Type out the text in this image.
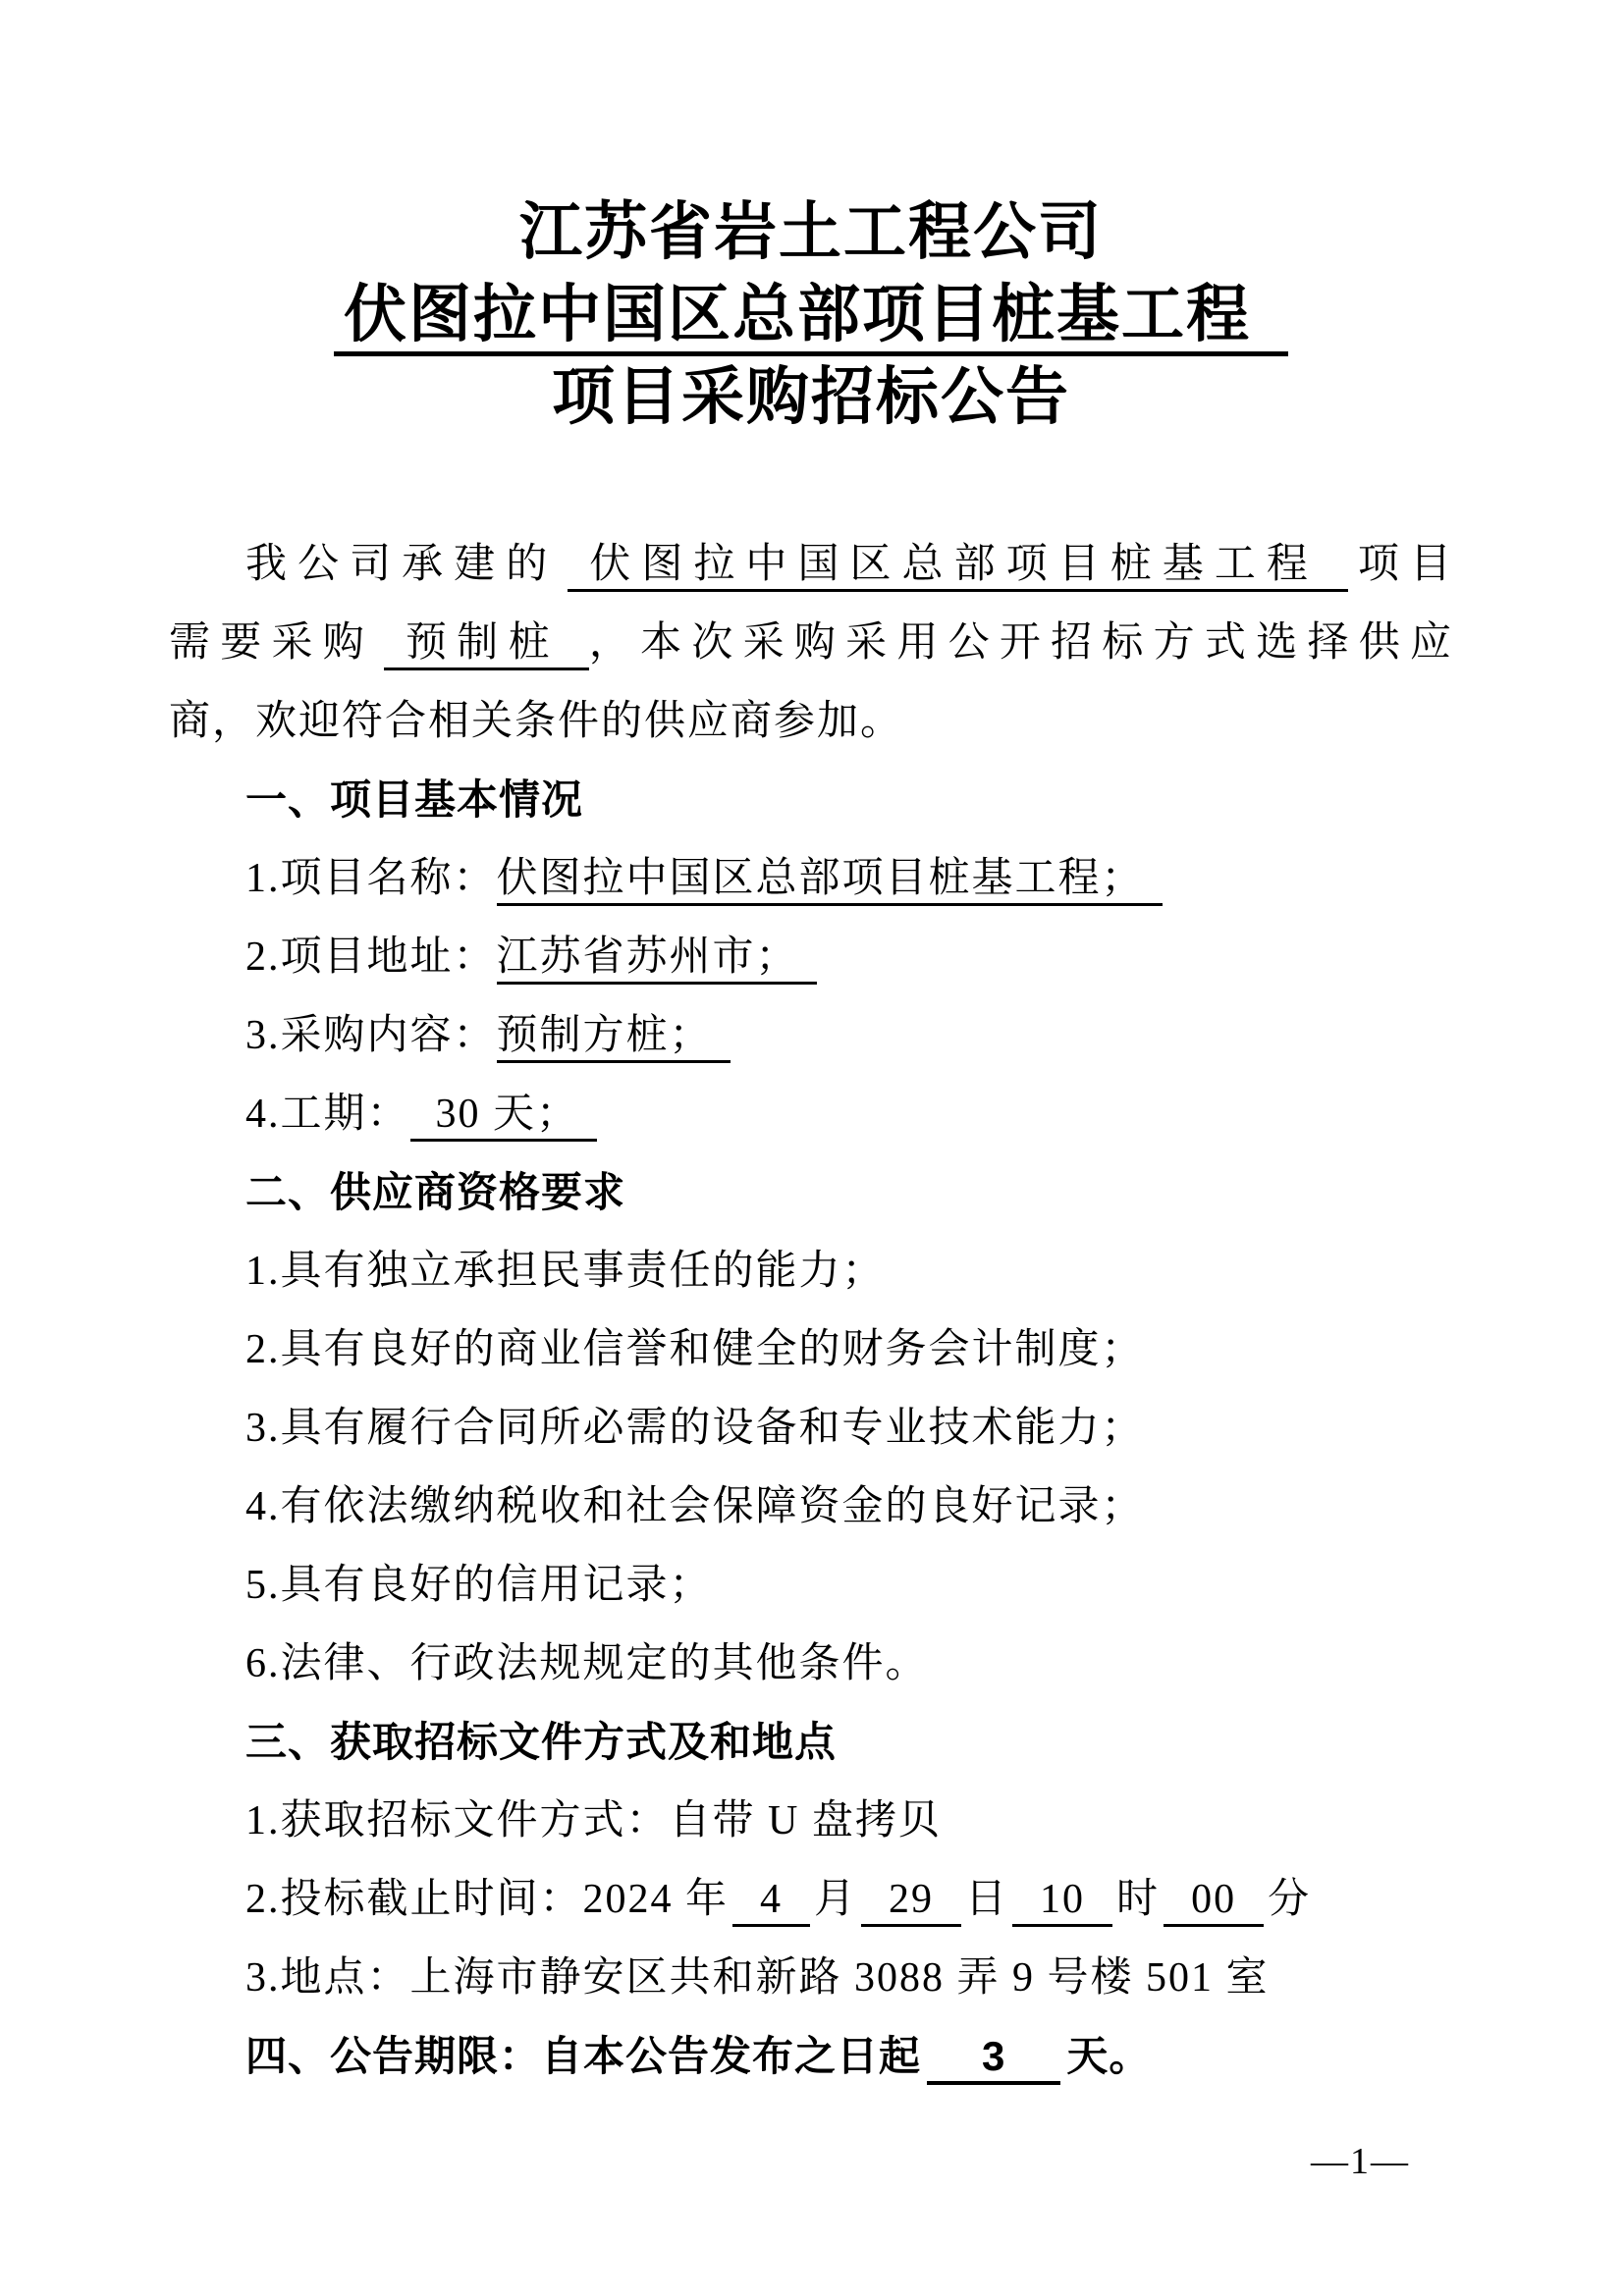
江苏省岩土工程公司
伏图拉中国区总部项目桩基工程
项目采购招标公告
我公司承建的 伏图拉中国区总部项目桩基工程 项目
需要采购 预制桩 ，本次采购采用公开招标方式选择供应
商，欢迎符合相关条件的供应商参加。
一、项目基本情况
1.项目名称：伏图拉中国区总部项目桩基工程；
2.项目地址：江苏省苏州市；
3.采购内容：预制方桩；
4.工期： 30 天；
二、供应商资格要求
1.具有独立承担民事责任的能力；
2.具有良好的商业信誉和健全的财务会计制度；
3.具有履行合同所必需的设备和专业技术能力；
4.有依法缴纳税收和社会保障资金的良好记录；
5.具有良好的信用记录；
6.法律、行政法规规定的其他条件。
三、获取招标文件方式及和地点
1.获取招标文件方式：自带 U 盘拷贝
2.投标截止时间：2024 年 4 月 29 日 10 时 00 分
3.地点：上海市静安区共和新路 3088 弄 9 号楼 501 室
四、公告期限：自本公告发布之日起 3 天。
—1—
